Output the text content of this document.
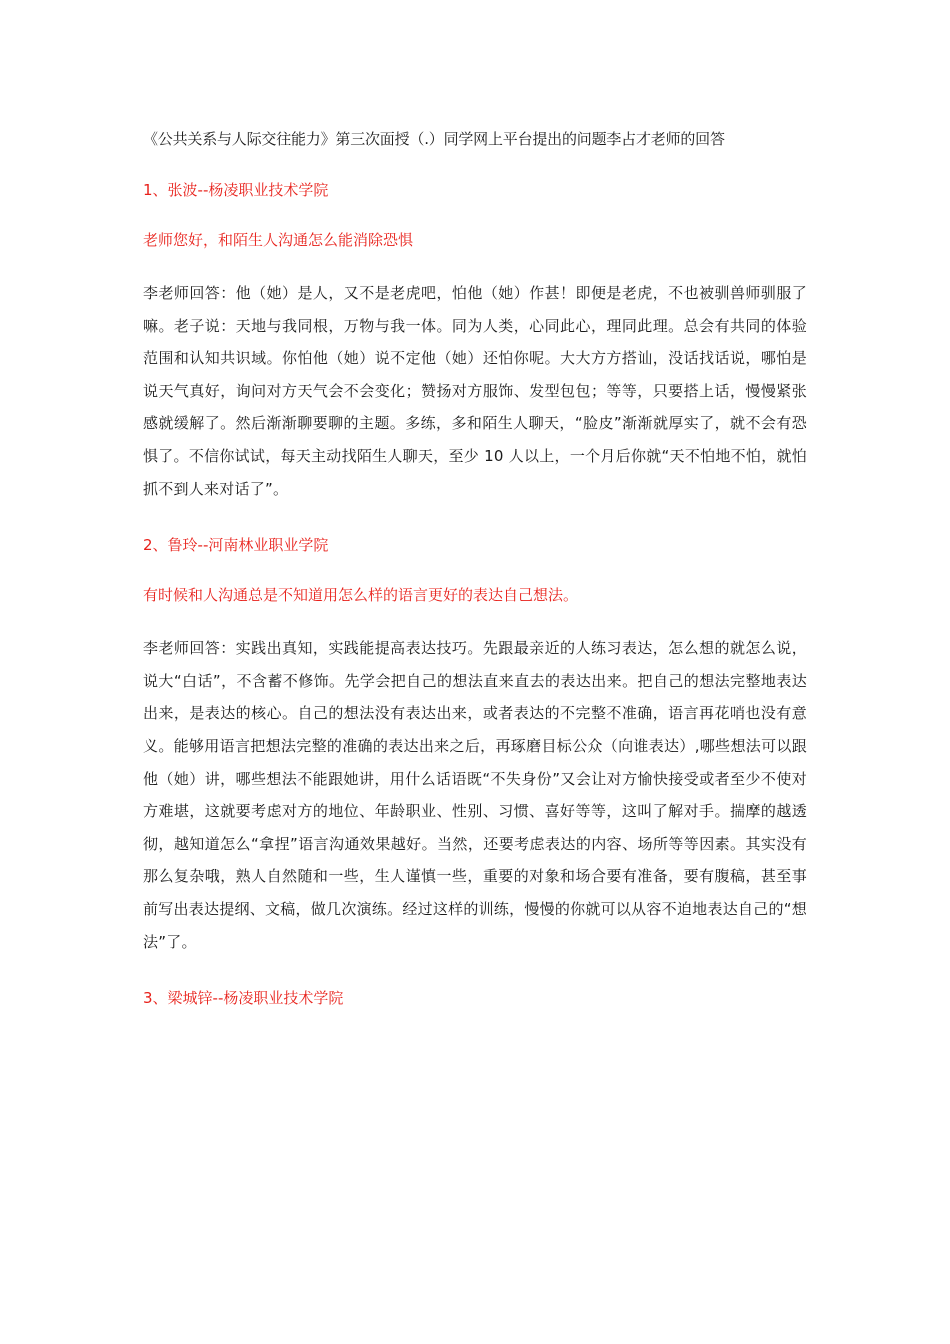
《公共关系与人际交往能力》第三次面授（.）同学网上平台提出的问题李占才老师的回答

1、张波--杨凌职业技术学院

老师您好，和陌生人沟通怎么能消除恐惧

李老师回答：他（她）是人，又不是老虎吧，怕他（她）作甚！即便是老虎，不也被驯兽师驯服了嘛。老子说：天地与我同根，万物与我一体。同为人类，心同此心，理同此理。总会有共同的体验范围和认知共识域。你怕他（她）说不定他（她）还怕你呢。大大方方搭讪，没话找话说，哪怕是说天气真好，询问对方天气会不会变化；赞扬对方服饰、发型包包；等等，只要搭上话，慢慢紧张感就缓解了。然后渐渐聊要聊的主题。多练，多和陌生人聊天，“脸皮”渐渐就厚实了，就不会有恐惧了。不信你试试，每天主动找陌生人聊天，至少 10 人以上，一个月后你就“天不怕地不怕，就怕抓不到人来对话了”。

2、鲁玲--河南林业职业学院

有时候和人沟通总是不知道用怎么样的语言更好的表达自己想法。

李老师回答：实践出真知，实践能提高表达技巧。先跟最亲近的人练习表达，怎么想的就怎么说，说大“白话”，不含蓄不修饰。先学会把自己的想法直来直去的表达出来。把自己的想法完整地表达出来，是表达的核心。自己的想法没有表达出来，或者表达的不完整不准确，语言再花哨也没有意义。能够用语言把想法完整的准确的表达出来之后，再琢磨目标公众（向谁表达）,哪些想法可以跟他（她）讲，哪些想法不能跟她讲，用什么话语既“不失身份”又会让对方愉快接受或者至少不使对方难堪，这就要考虑对方的地位、年龄职业、性别、习惯、喜好等等，这叫了解对手。揣摩的越透彻，越知道怎么“拿捏”语言沟通效果越好。当然，还要考虑表达的内容、场所等等因素。其实没有那么复杂哦，熟人自然随和一些，生人谨慎一些，重要的对象和场合要有准备，要有腹稿，甚至事前写出表达提纲、文稿，做几次演练。经过这样的训练，慢慢的你就可以从容不迫地表达自己的“想法”了。

3、梁城锌--杨凌职业技术学院
